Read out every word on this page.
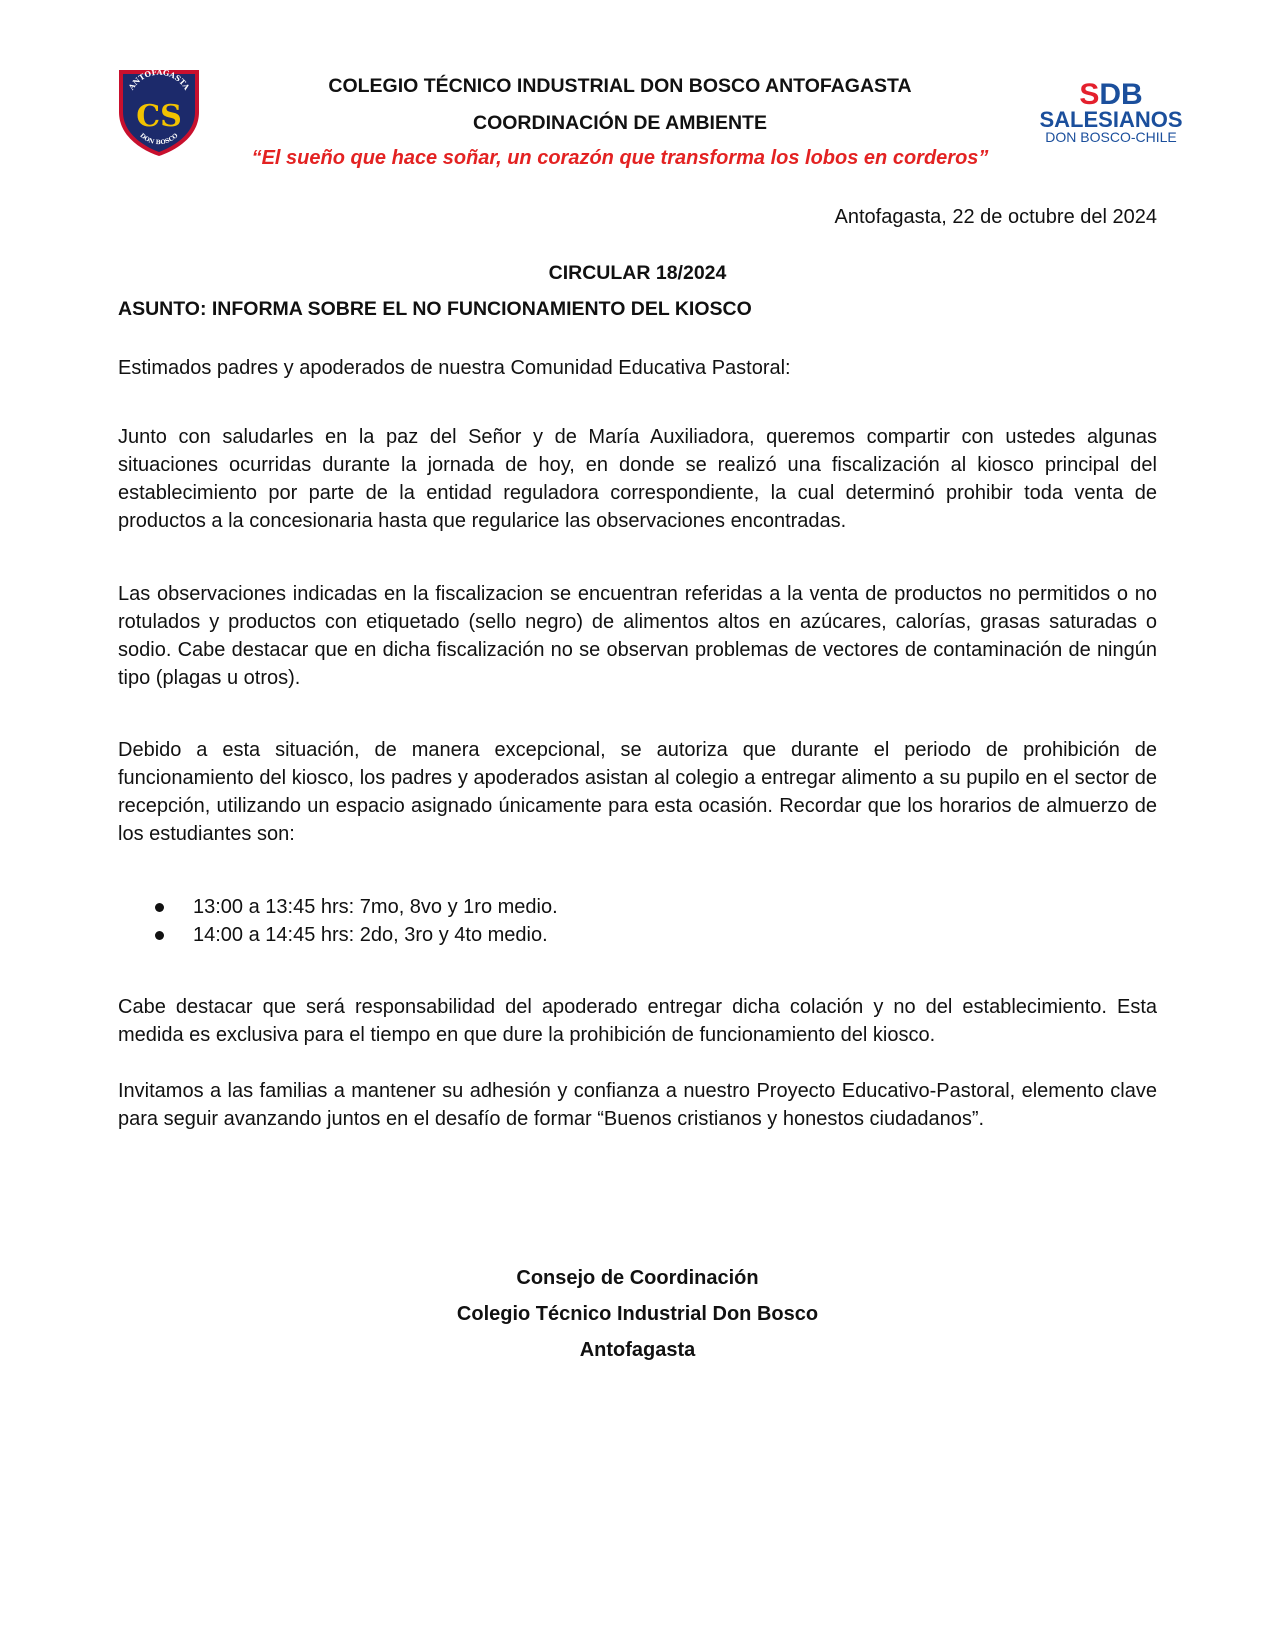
ANTOFAGASTA
CS
DON BOSCO
COLEGIO TÉCNICO INDUSTRIAL DON BOSCO ANTOFAGASTA
COORDINACIÓN DE AMBIENTE
“El sueño que hace soñar, un corazón que transforma los lobos en corderos”
SDB
SALESIANOS
DON BOSCO-CHILE
Antofagasta, 22 de octubre del 2024
CIRCULAR 18/2024
ASUNTO: INFORMA SOBRE EL NO FUNCIONAMIENTO DEL KIOSCO

Estimados padres y apoderados de nuestra Comunidad Educativa Pastoral:

Junto con saludarles en la paz del Señor y de María Auxiliadora, queremos compartir con ustedes algunas situaciones ocurridas durante la jornada de hoy, en donde se realizó una fiscalización al kiosco principal del establecimiento por parte de la entidad reguladora correspondiente, la cual determinó prohibir toda venta de productos a la concesionaria hasta que regularice las observaciones encontradas.

Las observaciones indicadas en la fiscalizacion se encuentran referidas a la venta de productos no permitidos o no rotulados y productos con etiquetado (sello negro) de alimentos altos en azúcares, calorías, grasas saturadas o sodio. Cabe destacar que en dicha fiscalización no se observan problemas de vectores de contaminación de ningún tipo (plagas u otros).

Debido a esta situación, de manera excepcional, se autoriza que durante el periodo de prohibición de funcionamiento del kiosco, los padres y apoderados asistan al colegio a entregar alimento a su pupilo en el sector de recepción, utilizando un espacio asignado únicamente para esta ocasión. Recordar que los horarios de almuerzo de los estudiantes son:

13:00 a 13:45 hrs: 7mo, 8vo y 1ro medio.
14:00 a 14:45 hrs: 2do, 3ro y 4to medio.

Cabe destacar que será responsabilidad del apoderado entregar dicha colación y no del establecimiento. Esta medida es exclusiva para el tiempo en que dure la prohibición de funcionamiento del kiosco.

Invitamos a las familias a mantener su adhesión y confianza a nuestro Proyecto Educativo-Pastoral, elemento clave para seguir avanzando juntos en el desafío de formar “Buenos cristianos y honestos ciudadanos”.

Consejo de Coordinación
Colegio Técnico Industrial Don Bosco
Antofagasta
